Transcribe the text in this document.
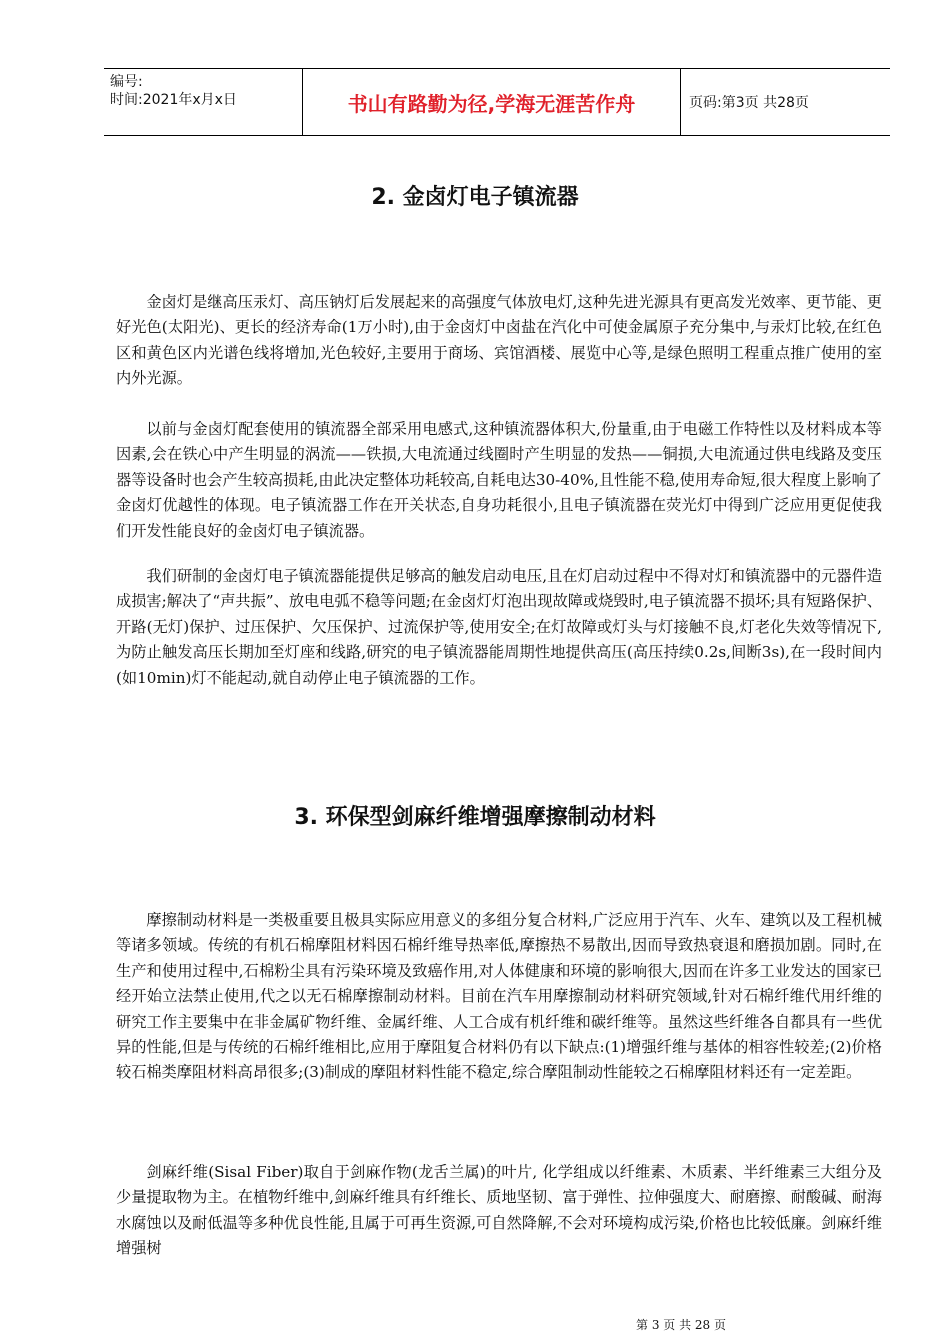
编号:
时间:2021年x月x日	书山有路勤为径,学海无涯苦作舟	页码:第3页 共28页
2. 金卤灯电子镇流器

金卤灯是继高压汞灯、高压钠灯后发展起来的高强度气体放电灯,这种先进光源具有更高发光效率、更节能、更好光色(太阳光)、更长的经济寿命(1万小时),由于金卤灯中卤盐在汽化中可使金属原子充分集中,与汞灯比较,在红色区和黄色区内光谱色线将增加,光色较好,主要用于商场、宾馆酒楼、展览中心等,是绿色照明工程重点推广使用的室内外光源。

以前与金卤灯配套使用的镇流器全部采用电感式,这种镇流器体积大,份量重,由于电磁工作特性以及材料成本等因素,会在铁心中产生明显的涡流——铁损,大电流通过线圈时产生明显的发热——铜损,大电流通过供电线路及变压器等设备时也会产生较高损耗,由此决定整体功耗较高,自耗电达30-40%,且性能不稳,使用寿命短,很大程度上影响了金卤灯优越性的体现。电子镇流器工作在开关状态,自身功耗很小,且电子镇流器在荧光灯中得到广泛应用更促使我们开发性能良好的金卤灯电子镇流器。

我们研制的金卤灯电子镇流器能提供足够高的触发启动电压,且在灯启动过程中不得对灯和镇流器中的元器件造成损害;解决了“声共振”、放电电弧不稳等问题;在金卤灯灯泡出现故障或烧毁时,电子镇流器不损坏;具有短路保护、开路(无灯)保护、过压保护、欠压保护、过流保护等,使用安全;在灯故障或灯头与灯接触不良,灯老化失效等情况下,为防止触发高压长期加至灯座和线路,研究的电子镇流器能周期性地提供高压(高压持续0.2s,间断3s),在一段时间内(如10min)灯不能起动,就自动停止电子镇流器的工作。

3. 环保型剑麻纤维增强摩擦制动材料

摩擦制动材料是一类极重要且极具实际应用意义的多组分复合材料,广泛应用于汽车、火车、建筑以及工程机械等诸多领域。传统的有机石棉摩阻材料因石棉纤维导热率低,摩擦热不易散出,因而导致热衰退和磨损加剧。同时,在生产和使用过程中,石棉粉尘具有污染环境及致癌作用,对人体健康和环境的影响很大,因而在许多工业发达的国家已经开始立法禁止使用,代之以无石棉摩擦制动材料。目前在汽车用摩擦制动材料研究领域,针对石棉纤维代用纤维的研究工作主要集中在非金属矿物纤维、金属纤维、人工合成有机纤维和碳纤维等。虽然这些纤维各自都具有一些优异的性能,但是与传统的石棉纤维相比,应用于摩阻复合材料仍有以下缺点:(1)增强纤维与基体的相容性较差;(2)价格较石棉类摩阻材料高昂很多;(3)制成的摩阻材料性能不稳定,综合摩阻制动性能较之石棉摩阻材料还有一定差距。

剑麻纤维(Sisal Fiber)取自于剑麻作物(龙舌兰属)的叶片, 化学组成以纤维素、木质素、半纤维素三大组分及少量提取物为主。在植物纤维中,剑麻纤维具有纤维长、质地坚韧、富于弹性、拉伸强度大、耐磨擦、耐酸碱、耐海水腐蚀以及耐低温等多种优良性能,且属于可再生资源,可自然降解,不会对环境构成污染,价格也比较低廉。剑麻纤维增强树

第 3 页 共 28 页
